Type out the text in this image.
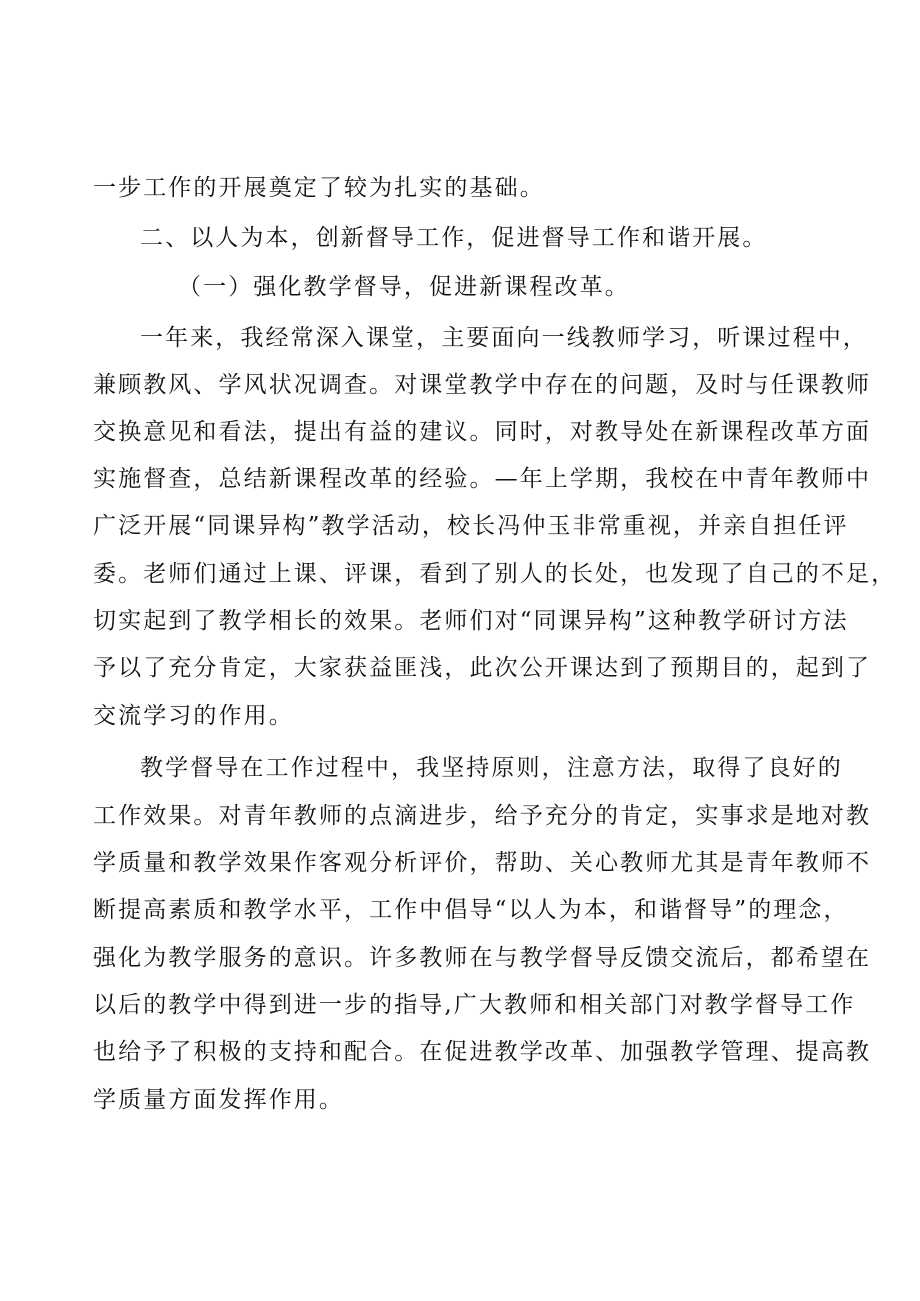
一步工作的开展奠定了较为扎实的基础。
二、以人为本，创新督导工作，促进督导工作和谐开展。
（一）强化教学督导，促进新课程改革。
一年来，我经常深入课堂，主要面向一线教师学习，听课过程中，
兼顾教风、学风状况调查。对课堂教学中存在的问题，及时与任课教师
交换意见和看法，提出有益的建议。同时，对教导处在新课程改革方面
实施督查，总结新课程改革的经验。—年上学期，我校在中青年教师中
广泛开展“同课异构”教学活动，校长冯仲玉非常重视，并亲自担任评
委。老师们通过上课、评课，看到了别人的长处，也发现了自己的不足，
切实起到了教学相长的效果。老师们对“同课异构”这种教学研讨方法
予以了充分肯定，大家获益匪浅，此次公开课达到了预期目的，起到了
交流学习的作用。
教学督导在工作过程中，我坚持原则，注意方法，取得了良好的
工作效果。对青年教师的点滴进步，给予充分的肯定，实事求是地对教
学质量和教学效果作客观分析评价，帮助、关心教师尤其是青年教师不
断提高素质和教学水平，工作中倡导“以人为本，和谐督导”的理念，
强化为教学服务的意识。许多教师在与教学督导反馈交流后，都希望在
以后的教学中得到进一步的指导,广大教师和相关部门对教学督导工作
也给予了积极的支持和配合。在促进教学改革、加强教学管理、提高教
学质量方面发挥作用。
